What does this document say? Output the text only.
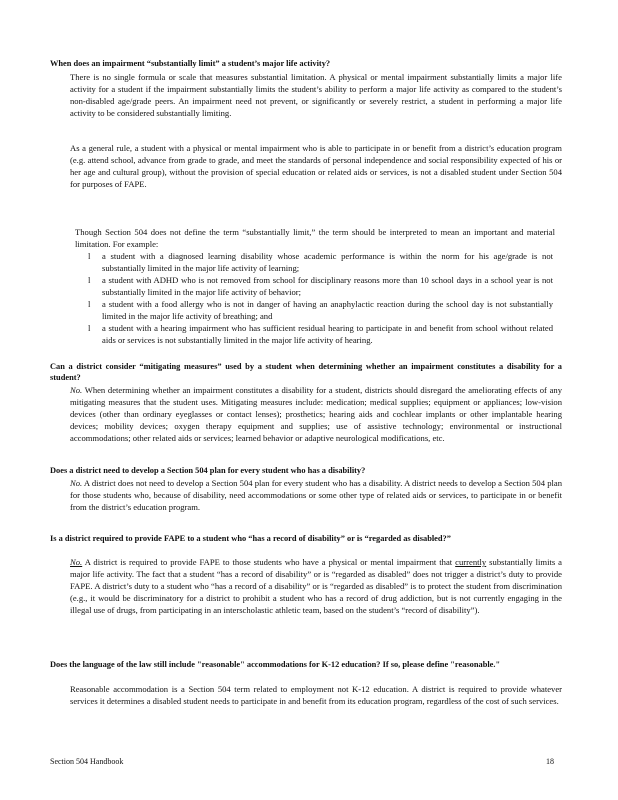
When does an impairment “substantially limit” a student’s major life activity?
There is no single formula or scale that measures substantial limitation. A physical or mental impairment substantially limits a major life activity for a student if the impairment substantially limits the student’s ability to perform a major life activity as compared to the student’s non-disabled age/grade peers. An impairment need not prevent, or significantly or severely restrict, a student in performing a major life activity to be considered substantially limiting.
As a general rule, a student with a physical or mental impairment who is able to participate in or benefit from a district’s education program (e.g. attend school, advance from grade to grade, and meet the standards of personal independence and social responsibility expected of his or her age and cultural group), without the provision of special education or related aids or services, is not a disabled student under Section 504 for purposes of FAPE.
Though Section 504 does not define the term “substantially limit,” the term should be interpreted to mean an important and material limitation. For example:
l a student with a diagnosed learning disability whose academic performance is within the norm for his age/grade is not substantially limited in the major life activity of learning;
l a student with ADHD who is not removed from school for disciplinary reasons more than 10 school days in a school year is not substantially limited in the major life activity of behavior;
l a student with a food allergy who is not in danger of having an anaphylactic reaction during the school day is not substantially limited in the major life activity of breathing; and
l a student with a hearing impairment who has sufficient residual hearing to participate in and benefit from school without related aids or services is not substantially limited in the major life activity of hearing.
Can a district consider “mitigating measures” used by a student when determining whether an impairment constitutes a disability for a student?
No. When determining whether an impairment constitutes a disability for a student, districts should disregard the ameliorating effects of any mitigating measures that the student uses. Mitigating measures include: medication; medical supplies; equipment or appliances; low-vision devices (other than ordinary eyeglasses or contact lenses); prosthetics; hearing aids and cochlear implants or other implantable hearing devices; mobility devices; oxygen therapy equipment and supplies; use of assistive technology; environmental or instructional accommodations; other related aids or services; learned behavior or adaptive neurological modifications, etc.
Does a district need to develop a Section 504 plan for every student who has a disability?
No. A district does not need to develop a Section 504 plan for every student who has a disability. A district needs to develop a Section 504 plan for those students who, because of disability, need accommodations or some other type of related aids or services, to participate in or benefit from the district’s education program.
Is a district required to provide FAPE to a student who “has a record of disability” or is “regarded as disabled?”
No. A district is required to provide FAPE to those students who have a physical or mental impairment that currently substantially limits a major life activity. The fact that a student “has a record of disability” or is “regarded as disabled” does not trigger a district’s duty to provide FAPE. A district’s duty to a student who “has a record of a disability” or is “regarded as disabled” is to protect the student from discrimination (e.g., it would be discriminatory for a district to prohibit a student who has a record of drug addiction, but is not currently engaging in the illegal use of drugs, from participating in an interscholastic athletic team, based on the student’s “record of disability”).
Does the language of the law still include "reasonable" accommodations for K-12 education? If so, please define "reasonable."
Reasonable accommodation is a Section 504 term related to employment not K-12 education. A district is required to provide whatever services it determines a disabled student needs to participate in and benefit from its education program, regardless of the cost of such services.
Section 504 Handbook	18
